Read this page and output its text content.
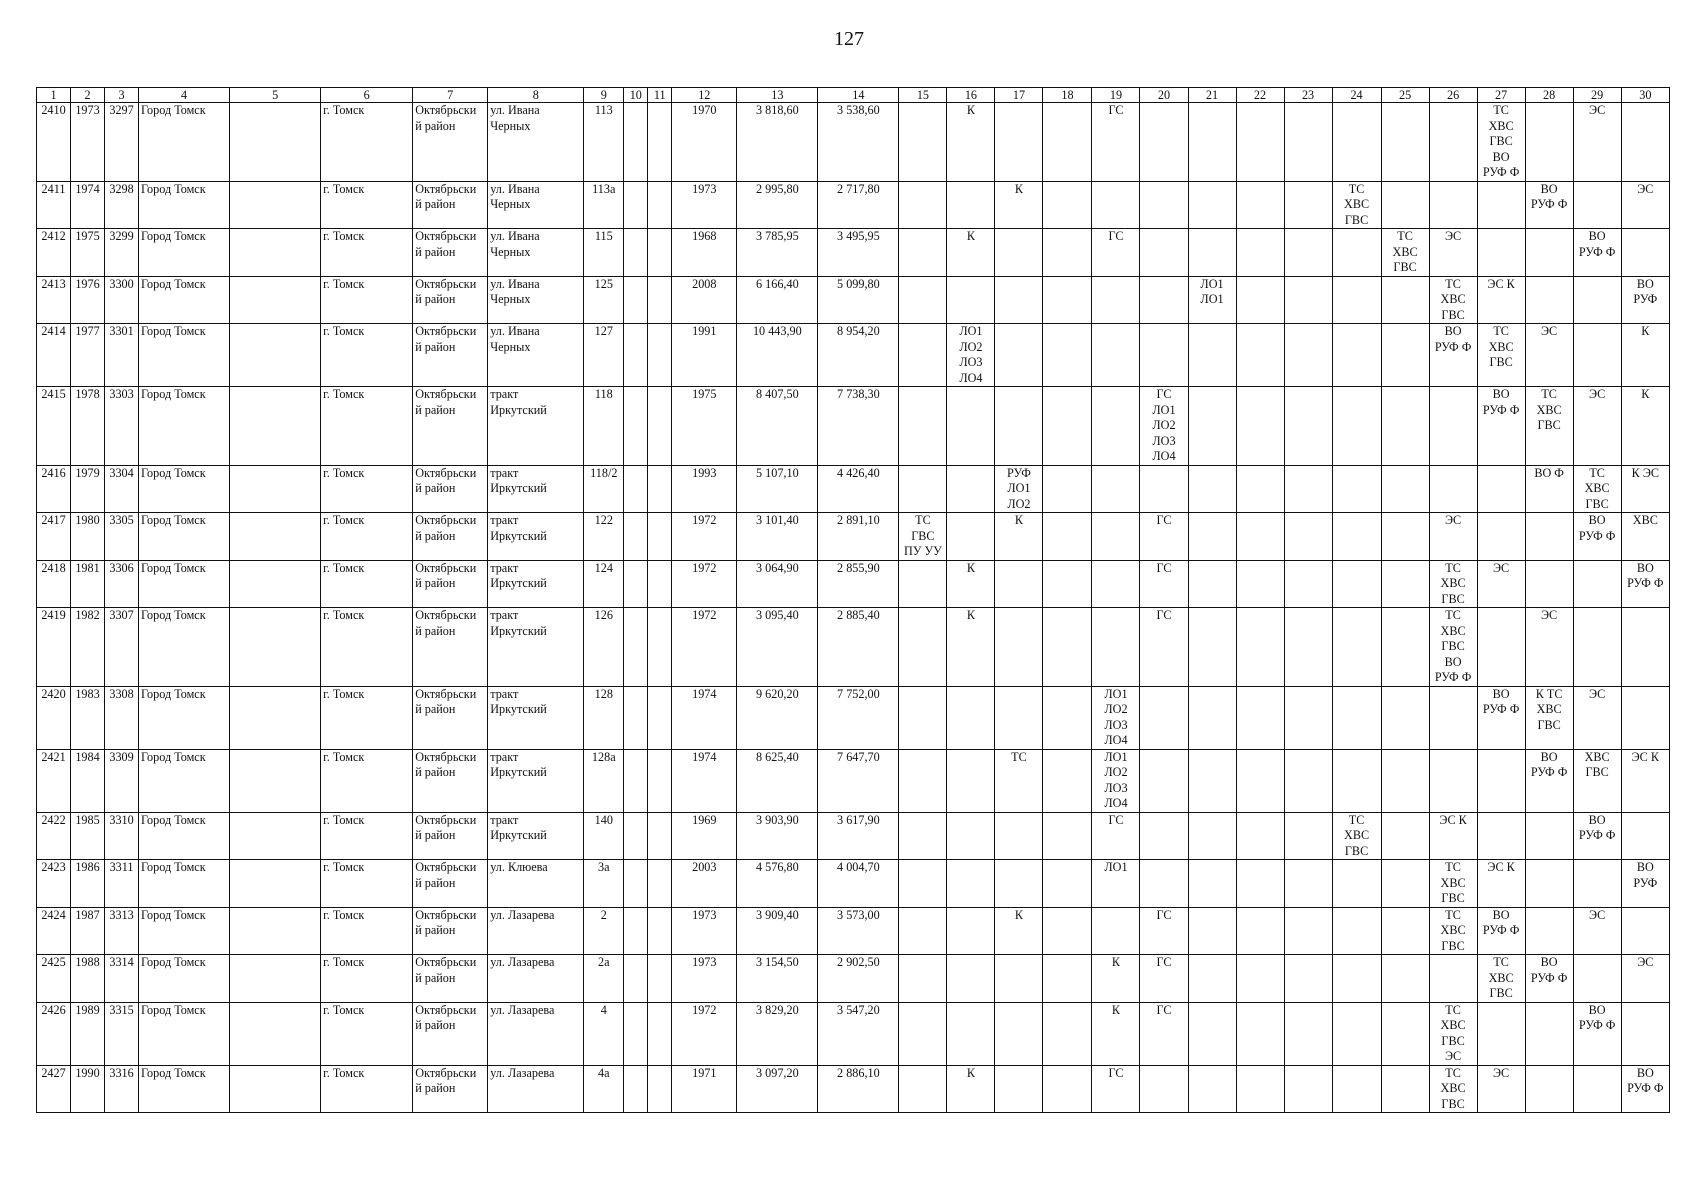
127
1	2	3	4	5	6	7	8	9	10	11	12	13	14	15	16	17	18	19	20	21	22	23	24	25	26	27	28	29	30
2410	1973	3297	Город Томск		г. Томск	Октябрьски
й район	ул. Ивана
Черных	113			1970	3 818,60	3 538,60		К			ГС								ТС
ХВС
ГВС
ВО
РУФ Ф		ЭС	
2411	1974	3298	Город Томск		г. Томск	Октябрьски
й район	ул. Ивана
Черных	113а			1973	2 995,80	2 717,80			К							ТС
ХВС
ГВС				ВО
РУФ Ф		ЭС
2412	1975	3299	Город Томск		г. Томск	Октябрьски
й район	ул. Ивана
Черных	115			1968	3 785,95	3 495,95		К			ГС						ТС
ХВС
ГВС	ЭС			ВО
РУФ Ф	
2413	1976	3300	Город Томск		г. Томск	Октябрьски
й район	ул. Ивана
Черных	125			2008	6 166,40	5 099,80							ЛО1
ЛО1					ТС
ХВС
ГВС	ЭС К			ВО
РУФ
2414	1977	3301	Город Томск		г. Томск	Октябрьски
й район	ул. Ивана
Черных	127			1991	10 443,90	8 954,20		ЛО1
ЛО2
ЛО3
ЛО4										ВО
РУФ Ф	ТС
ХВС
ГВС	ЭС		К
2415	1978	3303	Город Томск		г. Томск	Октябрьски
й район	тракт
Иркутский	118			1975	8 407,50	7 738,30						ГС
ЛО1
ЛО2
ЛО3
ЛО4							ВО
РУФ Ф	ТС
ХВС
ГВС	ЭС	К
2416	1979	3304	Город Томск		г. Томск	Октябрьски
й район	тракт
Иркутский	118/2			1993	5 107,10	4 426,40			РУФ
ЛО1
ЛО2											ВО Ф	ТС
ХВС
ГВС	К ЭС
2417	1980	3305	Город Томск		г. Томск	Октябрьски
й район	тракт
Иркутский	122			1972	3 101,40	2 891,10	ТС
ГВС
ПУ УУ		К			ГС						ЭС			ВО
РУФ Ф	ХВС
2418	1981	3306	Город Томск		г. Томск	Октябрьски
й район	тракт
Иркутский	124			1972	3 064,90	2 855,90		К				ГС						ТС
ХВС
ГВС	ЭС			ВО
РУФ Ф
2419	1982	3307	Город Томск		г. Томск	Октябрьски
й район	тракт
Иркутский	126			1972	3 095,40	2 885,40		К				ГС						ТС
ХВС
ГВС
ВО
РУФ Ф		ЭС		
2420	1983	3308	Город Томск		г. Томск	Октябрьски
й район	тракт
Иркутский	128			1974	9 620,20	7 752,00					ЛО1
ЛО2
ЛО3
ЛО4								ВО
РУФ Ф	К ТС
ХВС
ГВС	ЭС	
2421	1984	3309	Город Томск		г. Томск	Октябрьски
й район	тракт
Иркутский	128а			1974	8 625,40	7 647,70			ТС		ЛО1
ЛО2
ЛО3
ЛО4									ВО
РУФ Ф	ХВС
ГВС	ЭС К
2422	1985	3310	Город Томск		г. Томск	Октябрьски
й район	тракт
Иркутский	140			1969	3 903,90	3 617,90					ГС					ТС
ХВС
ГВС		ЭС К			ВО
РУФ Ф	
2423	1986	3311	Город Томск		г. Томск	Октябрьски
й район	ул. Клюева	3а			2003	4 576,80	4 004,70					ЛО1							ТС
ХВС
ГВС	ЭС К			ВО
РУФ
2424	1987	3313	Город Томск		г. Томск	Октябрьски
й район	ул. Лазарева	2			1973	3 909,40	3 573,00			К			ГС						ТС
ХВС
ГВС	ВО
РУФ Ф		ЭС	
2425	1988	3314	Город Томск		г. Томск	Октябрьски
й район	ул. Лазарева	2а			1973	3 154,50	2 902,50					К	ГС							ТС
ХВС
ГВС	ВО
РУФ Ф		ЭС
2426	1989	3315	Город Томск		г. Томск	Октябрьски
й район	ул. Лазарева	4			1972	3 829,20	3 547,20					К	ГС						ТС
ХВС
ГВС
ЭС			ВО
РУФ Ф	
2427	1990	3316	Город Томск		г. Томск	Октябрьски
й район	ул. Лазарева	4а			1971	3 097,20	2 886,10		К			ГС							ТС
ХВС
ГВС	ЭС			ВО
РУФ Ф
